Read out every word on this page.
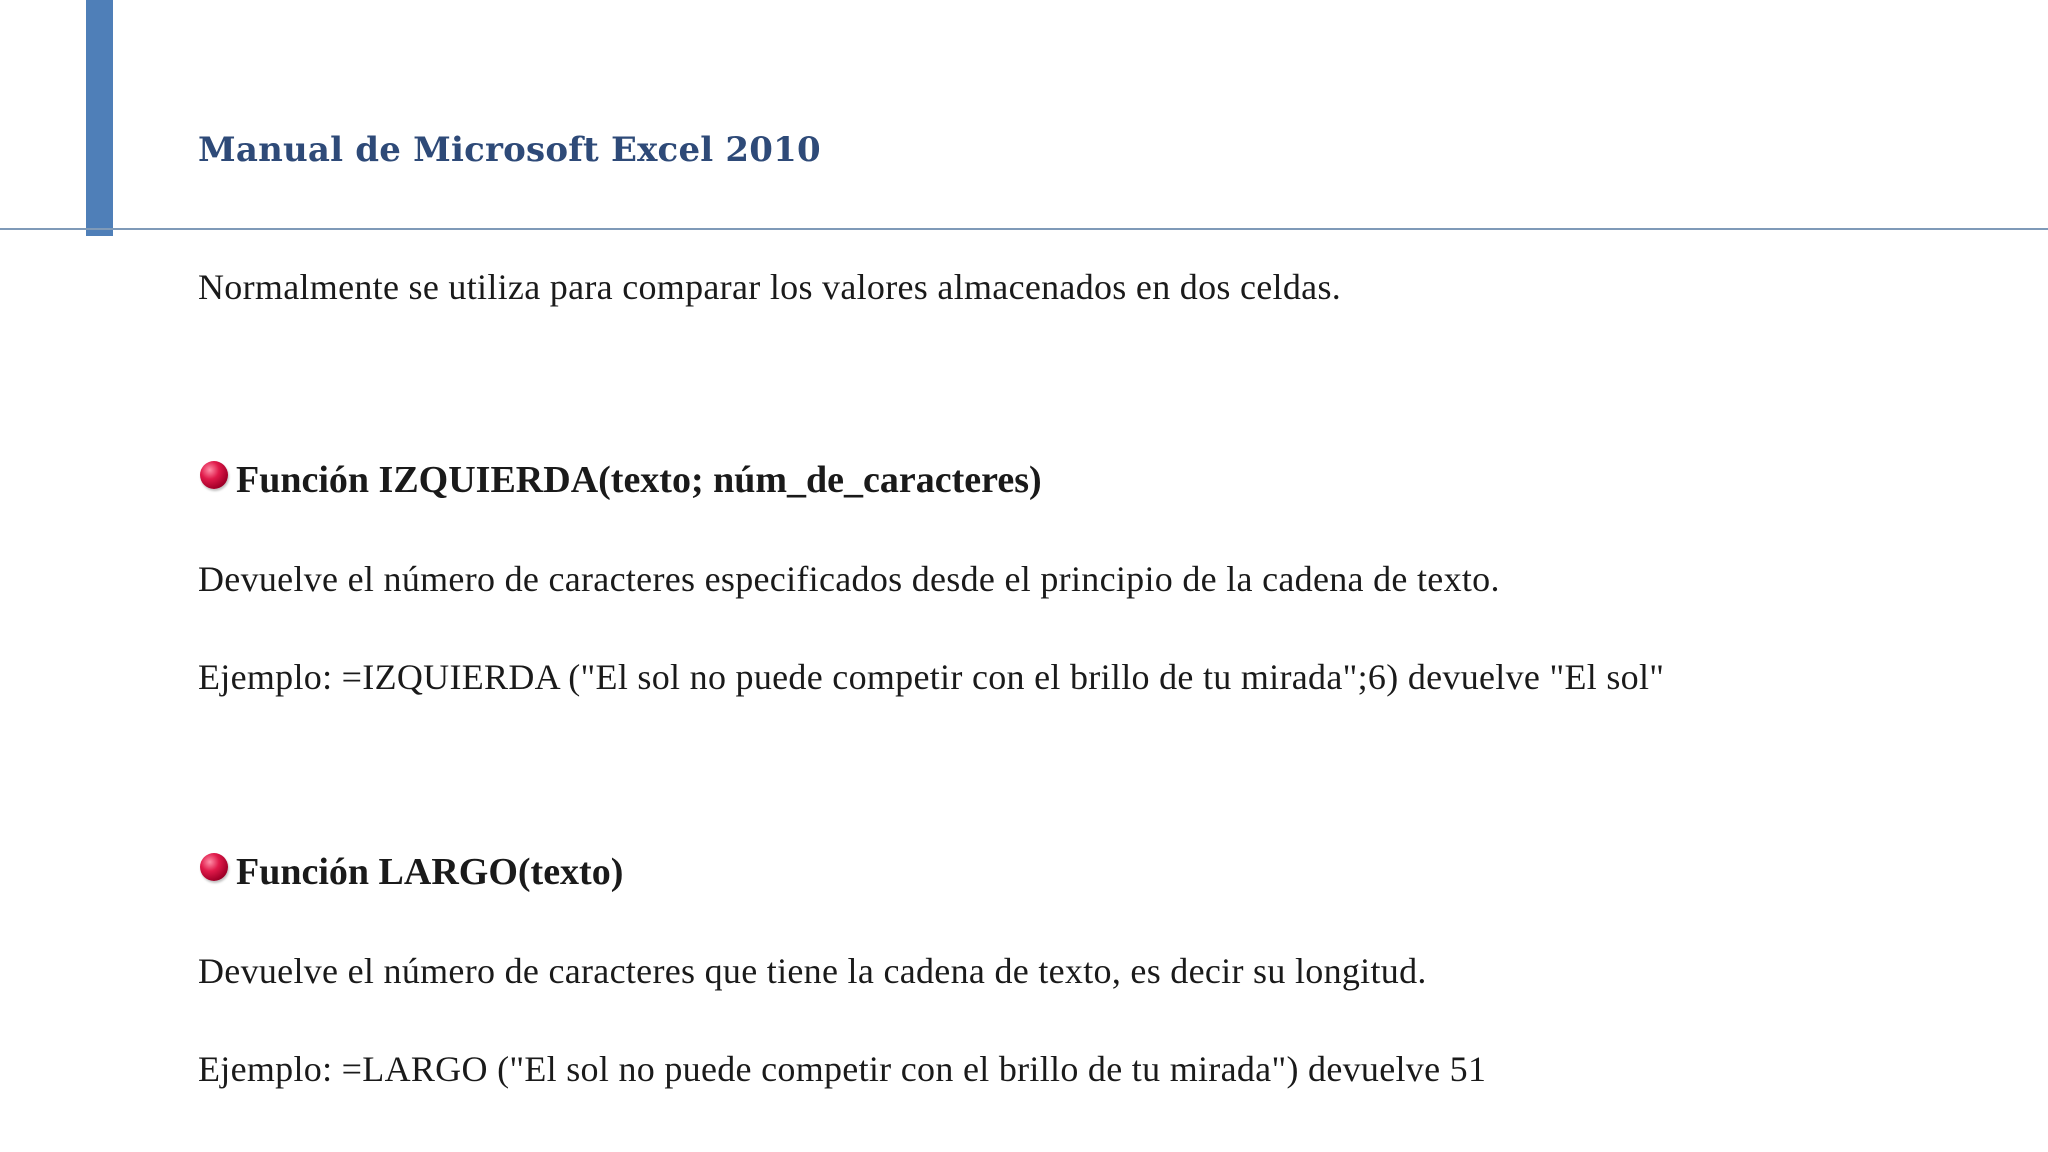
Manual de Microsoft Excel 2010
Normalmente se utiliza para comparar los valores almacenados en dos celdas.
Función IZQUIERDA(texto; núm_de_caracteres)
Devuelve el número de caracteres especificados desde el principio de la cadena de texto.
Ejemplo: =IZQUIERDA ("El sol no puede competir con el brillo de tu mirada";6) devuelve "El sol"
Función LARGO(texto)
Devuelve el número de caracteres que tiene la cadena de texto, es decir su longitud.
Ejemplo: =LARGO ("El sol no puede competir con el brillo de tu mirada") devuelve 51
